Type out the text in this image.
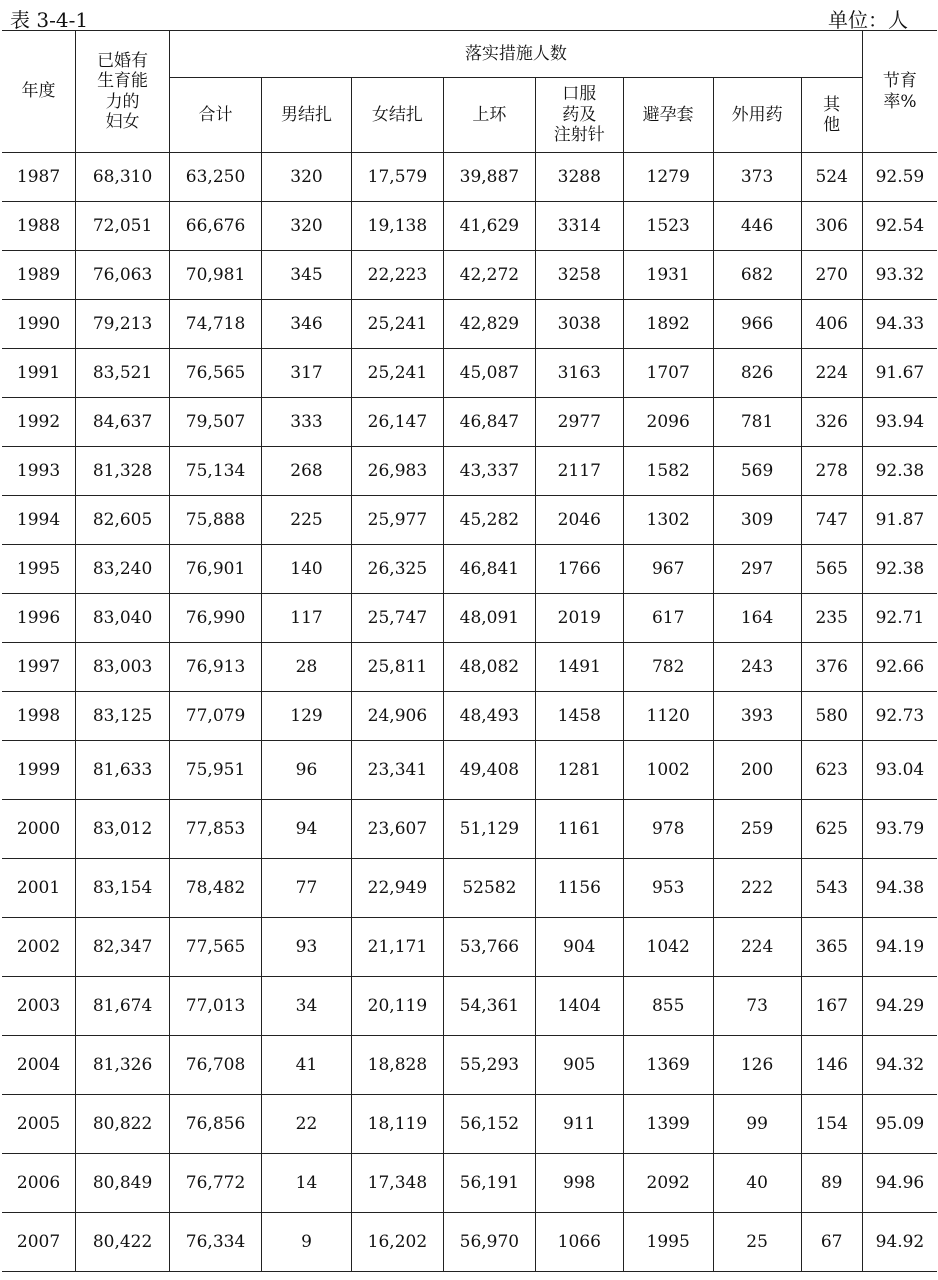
表 3-4-1	单位：人
年度	已婚有
生育能
力的
妇女	落实措施人数								节育
率%
		合计	男结扎	女结扎	上环	口服
药及
注射针	避孕套	外用药	其
他	
1987	68,310	63,250	320	17,579	39,887	3288	1279	373	524	92.59
1988	72,051	66,676	320	19,138	41,629	3314	1523	446	306	92.54
1989	76,063	70,981	345	22,223	42,272	3258	1931	682	270	93.32
1990	79,213	74,718	346	25,241	42,829	3038	1892	966	406	94.33
1991	83,521	76,565	317	25,241	45,087	3163	1707	826	224	91.67
1992	84,637	79,507	333	26,147	46,847	2977	2096	781	326	93.94
1993	81,328	75,134	268	26,983	43,337	2117	1582	569	278	92.38
1994	82,605	75,888	225	25,977	45,282	2046	1302	309	747	91.87
1995	83,240	76,901	140	26,325	46,841	1766	967	297	565	92.38
1996	83,040	76,990	117	25,747	48,091	2019	617	164	235	92.71
1997	83,003	76,913	28	25,811	48,082	1491	782	243	376	92.66
1998	83,125	77,079	129	24,906	48,493	1458	1120	393	580	92.73
1999	81,633	75,951	96	23,341	49,408	1281	1002	200	623	93.04
2000	83,012	77,853	94	23,607	51,129	1161	978	259	625	93.79
2001	83,154	78,482	77	22,949	52582	1156	953	222	543	94.38
2002	82,347	77,565	93	21,171	53,766	904	1042	224	365	94.19
2003	81,674	77,013	34	20,119	54,361	1404	855	73	167	94.29
2004	81,326	76,708	41	18,828	55,293	905	1369	126	146	94.32
2005	80,822	76,856	22	18,119	56,152	911	1399	99	154	95.09
2006	80,849	76,772	14	17,348	56,191	998	2092	40	89	94.96
2007	80,422	76,334	9	16,202	56,970	1066	1995	25	67	94.92
